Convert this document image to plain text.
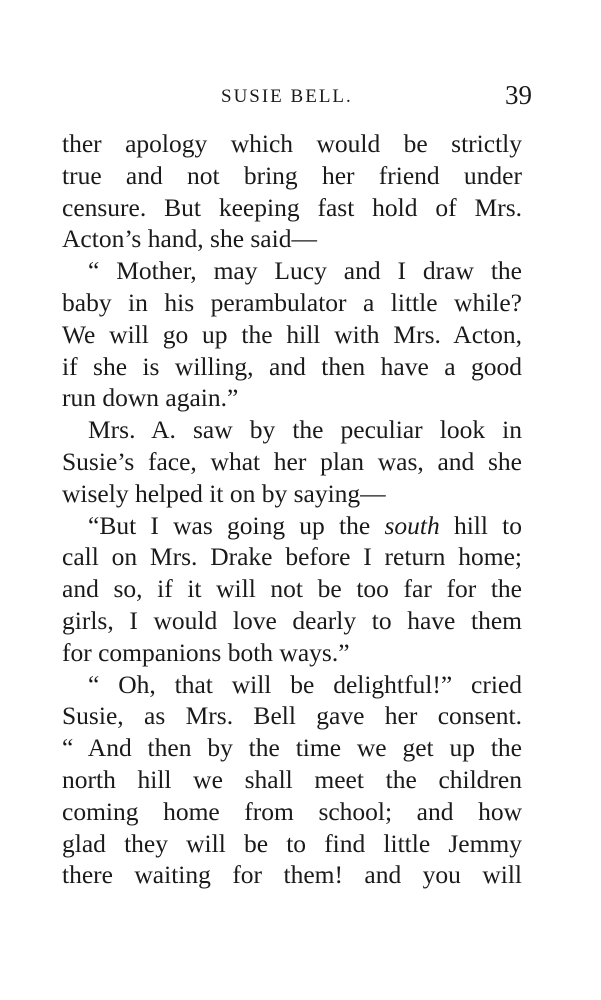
SUSIE BELL.	39
ther apology which would be strictly
true and not bring her friend under
censure. But keeping fast hold of Mrs.
Acton’s hand, she said—
“ Mother, may Lucy and I draw the
baby in his perambulator a little while?
We will go up the hill with Mrs. Acton,
if she is willing, and then have a good
run down again.”
Mrs. A. saw by the peculiar look in
Susie’s face, what her plan was, and she
wisely helped it on by saying—
“But I was going up the south hill to
call on Mrs. Drake before I return home;
and so, if it will not be too far for the
girls, I would love dearly to have them
for companions both ways.”
“ Oh, that will be delightful!” cried
Susie, as Mrs. Bell gave her consent.
“ And then by the time we get up the
north hill we shall meet the children
coming home from school; and how
glad they will be to find little Jemmy
there waiting for them! and you will
